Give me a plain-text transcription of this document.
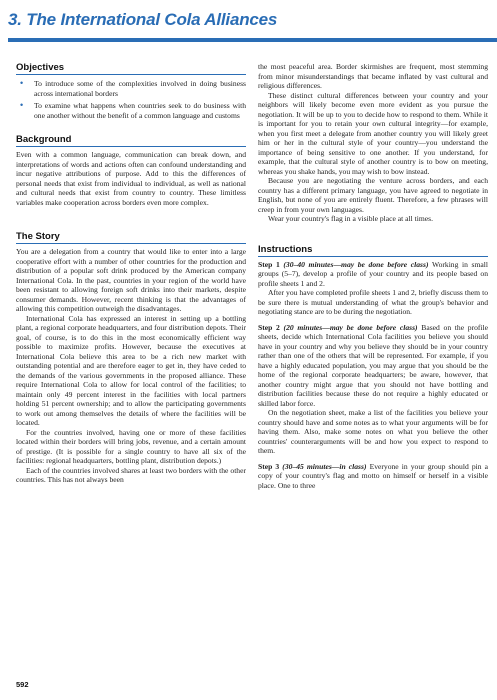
3. The International Cola Alliances
Objectives
• To introduce some of the complexities involved in doing business across international borders
• To examine what happens when countries seek to do business with one another without the benefit of a common language and customs
Background

Even with a common language, communication can break down, and interpretations of words and actions often can confound understanding and incur negative attributions of purpose. Add to this the differences of personal needs that exist from individual to individual, as well as national and cultural needs that exist from country to country. These limitless variables make cooperation across borders even more complex.

The Story

You are a delegation from a country that would like to enter into a large cooperative effort with a number of other countries for the production and distribution of a popular soft drink produced by the American company International Cola. In the past, countries in your region of the world have been resistant to allowing foreign soft drinks into their markets, despite consumer demands. However, recent thinking is that the advantages of allowing this competition outweigh the disadvantages.

International Cola has expressed an interest in setting up a bottling plant, a regional corporate headquarters, and four distribution depots. Their goal, of course, is to do this in the most economically efficient way possible to maximize profits. However, because the executives at International Cola believe this area to be a rich new market with outstanding potential and are therefore eager to get in, they have ceded to the demands of the various governments in the proposed alliance. These require International Cola to allow for local control of the facilities; to maintain only 49 percent interest in the facilities with local partners holding 51 percent ownership; and to allow the participating governments to work out among themselves the details of where the facilities will be located.

For the countries involved, having one or more of these facilities located within their borders will bring jobs, revenue, and a certain amount of prestige. (It is possible for a single country to have all six of the facilities: regional headquarters, bottling plant, distribution depots.)

Each of the countries involved shares at least two borders with the other countries. This has not always been

the most peaceful area. Border skirmishes are frequent, most stemming from minor misunderstandings that became inflated by vast cultural and religious differences.

These distinct cultural differences between your country and your neighbors will likely become even more evident as you pursue the negotiation. It will be up to you to decide how to respond to them. While it is important for you to retain your own cultural integrity—for example, when you first meet a delegate from another country you will likely greet him or her in the cultural style of your country—you understand the importance of being sensitive to one another. If you understand, for example, that the cultural style of another country is to bow on meeting, whereas you shake hands, you may wish to bow instead.

Because you are negotiating the venture across borders, and each country has a different primary language, you have agreed to negotiate in English, but none of you are entirely fluent. Therefore, a few phrases will creep in from your own languages.

Wear your country's flag in a visible place at all times.

Instructions

Step 1 (30–40 minutes—may be done before class) Working in small groups (5–7), develop a profile of your country and its people based on profile sheets 1 and 2.

After you have completed profile sheets 1 and 2, briefly discuss them to be sure there is mutual understanding of what the group's behavior and negotiating stance are to be during the negotiation.

Step 2 (20 minutes—may be done before class) Based on the profile sheets, decide which International Cola facilities you believe you should have in your country and why you believe they should be in your country rather than one of the others that will be represented. For example, if you have a highly educated population, you may argue that you should be the home of the regional corporate headquarters; be aware, however, that another country might argue that you should not have bottling and distribution facilities because these do not require a highly educated or skilled labor force.

On the negotiation sheet, make a list of the facilities you believe your country should have and some notes as to what your arguments will be for having them. Also, make some notes on what you believe the other countries' counterarguments will be and how you expect to respond to them.

Step 3 (30–45 minutes—in class) Everyone in your group should pin a copy of your country's flag and motto on himself or herself in a visible place. One to three

592
